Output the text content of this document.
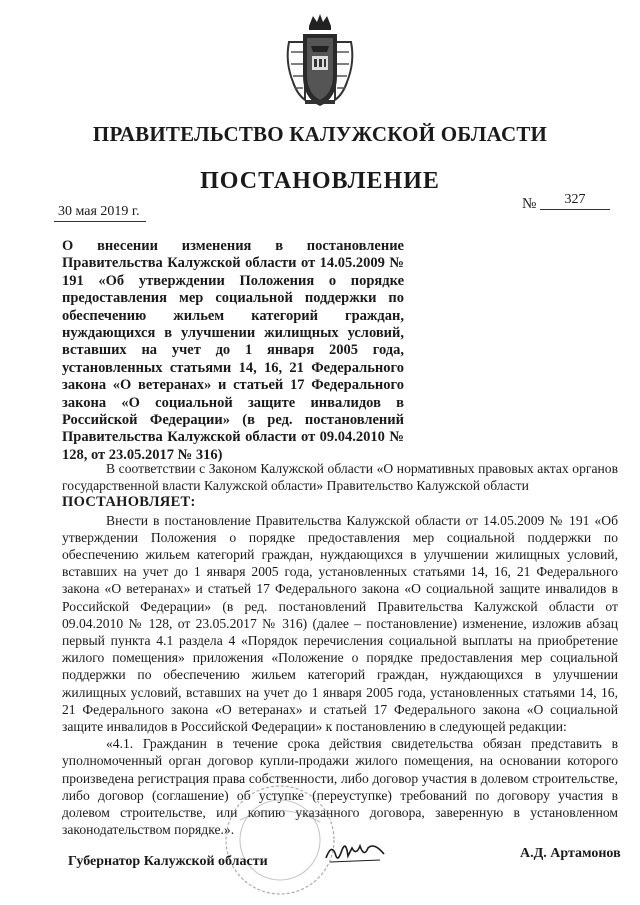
ПРАВИТЕЛЬСТВО КАЛУЖСКОЙ ОБЛАСТИ
ПОСТАНОВЛЕНИЕ
30 мая 2019 г.	№	327
О внесении изменения в постановление Правительства Калужской области от 14.05.2009 № 191 «Об утверждении Положения о порядке предоставления мер социальной поддержки по обеспечению жильем категорий граждан, нуждающихся в улучшении жилищных условий, вставших на учет до 1 января 2005 года, установленных статьями 14, 16, 21 Федерального закона «О ветеранах» и статьей 17 Федерального закона «О социальной защите инвалидов в Российской Федерации» (в ред. постановлений Правительства Калужской области от 09.04.2010 № 128, от 23.05.2017 № 316)

В соответствии с Законом Калужской области «О нормативных правовых актах органов государственной власти Калужской области» Правительство Калужской области

ПОСТАНОВЛЯЕТ:

Внести в постановление Правительства Калужской области от 14.05.2009 № 191 «Об утверждении Положения о порядке предоставления мер социальной поддержки по обеспечению жильем категорий граждан, нуждающихся в улучшении жилищных условий, вставших на учет до 1 января 2005 года, установленных статьями 14, 16, 21 Федерального закона «О ветеранах» и статьей 17 Федерального закона «О социальной защите инвалидов в Российской Федерации» (в ред. постановлений Правительства Калужской области от 09.04.2010 № 128, от 23.05.2017 № 316) (далее – постановление) изменение, изложив абзац первый пункта 4.1 раздела 4 «Порядок перечисления социальной выплаты на приобретение жилого помещения» приложения «Положение о порядке предоставления мер социальной поддержки по обеспечению жильем категорий граждан, нуждающихся в улучшении жилищных условий, вставших на учет до 1 января 2005 года, установленных статьями 14, 16, 21 Федерального закона «О ветеранах» и статьей 17 Федерального закона «О социальной защите инвалидов в Российской Федерации» к постановлению в следующей редакции:

«4.1. Гражданин в течение срока действия свидетельства обязан представить в уполномоченный орган договор купли-продажи жилого помещения, на основании которого произведена регистрация права собственности, либо договор участия в долевом строительстве, либо договор (соглашение) об уступке (переуступке) требований по договору участия в долевом строительстве, или копию указанного договора, заверенную в установленном законодательством порядке.».

Губернатор Калужской области
А.Д. Артамонов
